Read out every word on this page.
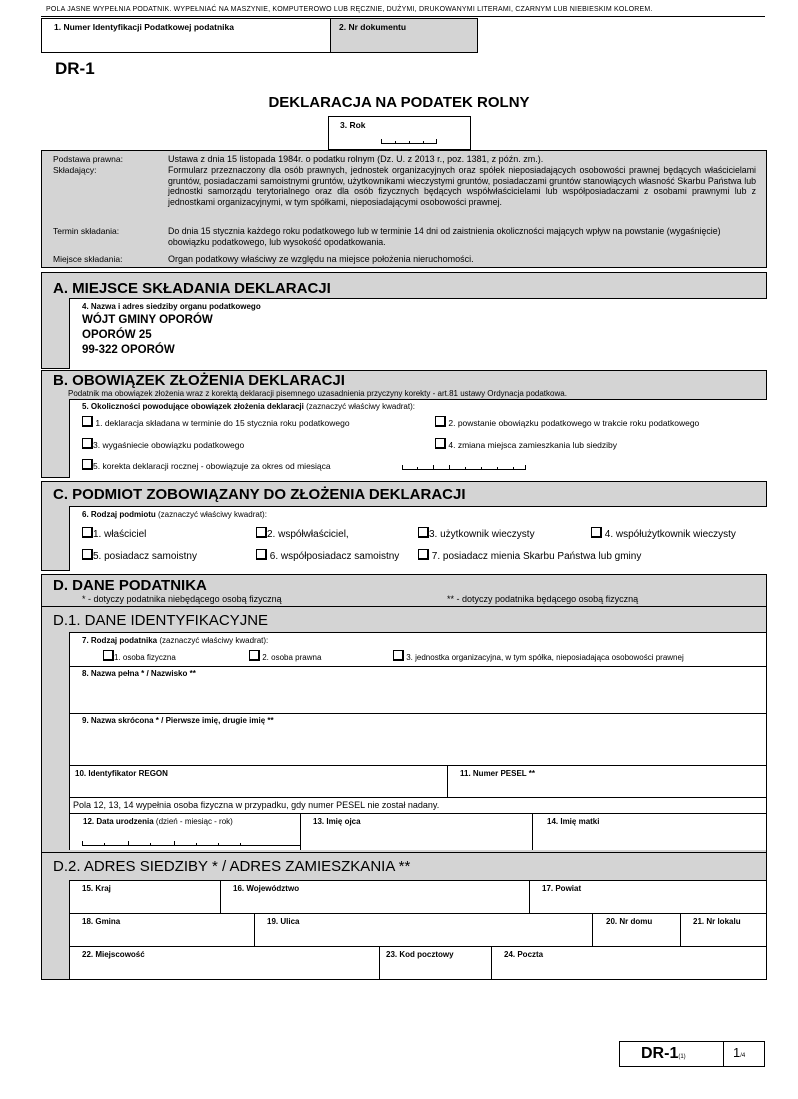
POLA JASNE WYPEŁNIA PODATNIK. WYPEŁNIAĆ NA MASZYNIE, KOMPUTEROWO LUB RĘCZNIE, DUŻYMI, DRUKOWANYMI LITERAMI, CZARNYM LUB NIEBIESKIM KOLOREM.
1. Numer Identyfikacji Podatkowej podatnika	2. Nr dokumentu
DR-1
DEKLARACJA NA PODATEK ROLNY
3. Rok
Podstawa prawna:	Ustawa z dnia 15 listopada 1984r. o podatku rolnym (Dz. U. z 2013 r., poz. 1381, z późn. zm.).
Składający:	Formularz przeznaczony dla osób prawnych, jednostek organizacyjnych oraz spółek nieposiadających osobowości prawnej będących właścicielami gruntów, posiadaczami samoistnymi gruntów, użytkownikami wieczystymi gruntów, posiadaczami gruntów stanowiących własność Skarbu Państwa lub jednostki samorządu terytorialnego oraz dla osób fizycznych będących współwłaścicielami lub współposiadaczami z osobami prawnymi lub z jednostkami organizacyjnymi, w tym spółkami, nieposiadającymi osobowości prawnej.
Termin składania:	Do dnia 15 stycznia każdego roku podatkowego lub w terminie 14 dni od zaistnienia okoliczności mających wpływ na powstanie (wygaśnięcie) obowiązku podatkowego, lub wysokość opodatkowania.
Miejsce składania:	Organ podatkowy właściwy ze względu na miejsce położenia nieruchomości.
A. MIEJSCE SKŁADANIA DEKLARACJI
4. Nazwa i adres siedziby organu podatkowego
WÓJT GMINY OPORÓW
OPORÓW 25
99-322 OPORÓW
B. OBOWIĄZEK ZŁOŻENIA DEKLARACJI
Podatnik ma obowiązek złożenia wraz z korektą deklaracji pisemnego uzasadnienia przyczyny korekty - art.81 ustawy Ordynacja podatkowa.
5. Okoliczności powodujące obowiązek złożenia deklaracji (zaznaczyć właściwy kwadrat):
1. deklaracja składana w terminie do 15 stycznia roku podatkowego	2. powstanie obowiązku podatkowego w trakcie roku podatkowego
3. wygaśniecie obowiązku podatkowego	4. zmiana miejsca zamieszkania lub siedziby
5. korekta deklaracji rocznej - obowiązuje za okres od miesiąca
C. PODMIOT ZOBOWIĄZANY DO ZŁOŻENIA DEKLARACJI
6. Rodzaj podmiotu (zaznaczyć właściwy kwadrat):
1. właściciel	2. współwłaściciel,	3. użytkownik wieczysty	4. współużytkownik wieczysty
5. posiadacz samoistny	6. współposiadacz samoistny	7. posiadacz mienia Skarbu Państwa lub gminy
D. DANE PODATNIKA
* - dotyczy podatnika niebędącego osobą fizyczną	** - dotyczy podatnika będącego osobą fizyczną
D.1. DANE IDENTYFIKACYJNE
7. Rodzaj podatnika (zaznaczyć właściwy kwadrat):
1. osoba fizyczna	2. osoba prawna	3. jednostka organizacyjna, w tym spółka, nieposiadająca osobowości prawnej
8. Nazwa pełna * / Nazwisko **
9. Nazwa skrócona * / Pierwsze imię, drugie imię **
10. Identyfikator REGON	11. Numer PESEL **
Pola 12, 13, 14 wypełnia osoba fizyczna w przypadku, gdy numer PESEL nie został nadany.
12. Data urodzenia (dzień - miesiąc - rok)	13. Imię ojca	14. Imię matki
D.2. ADRES SIEDZIBY * / ADRES ZAMIESZKANIA **
15. Kraj	16. Województwo	17. Powiat
18. Gmina	19. Ulica	20. Nr domu	21. Nr lokalu
22. Miejscowość	23. Kod pocztowy	24. Poczta
DR-1(1)	1/4
